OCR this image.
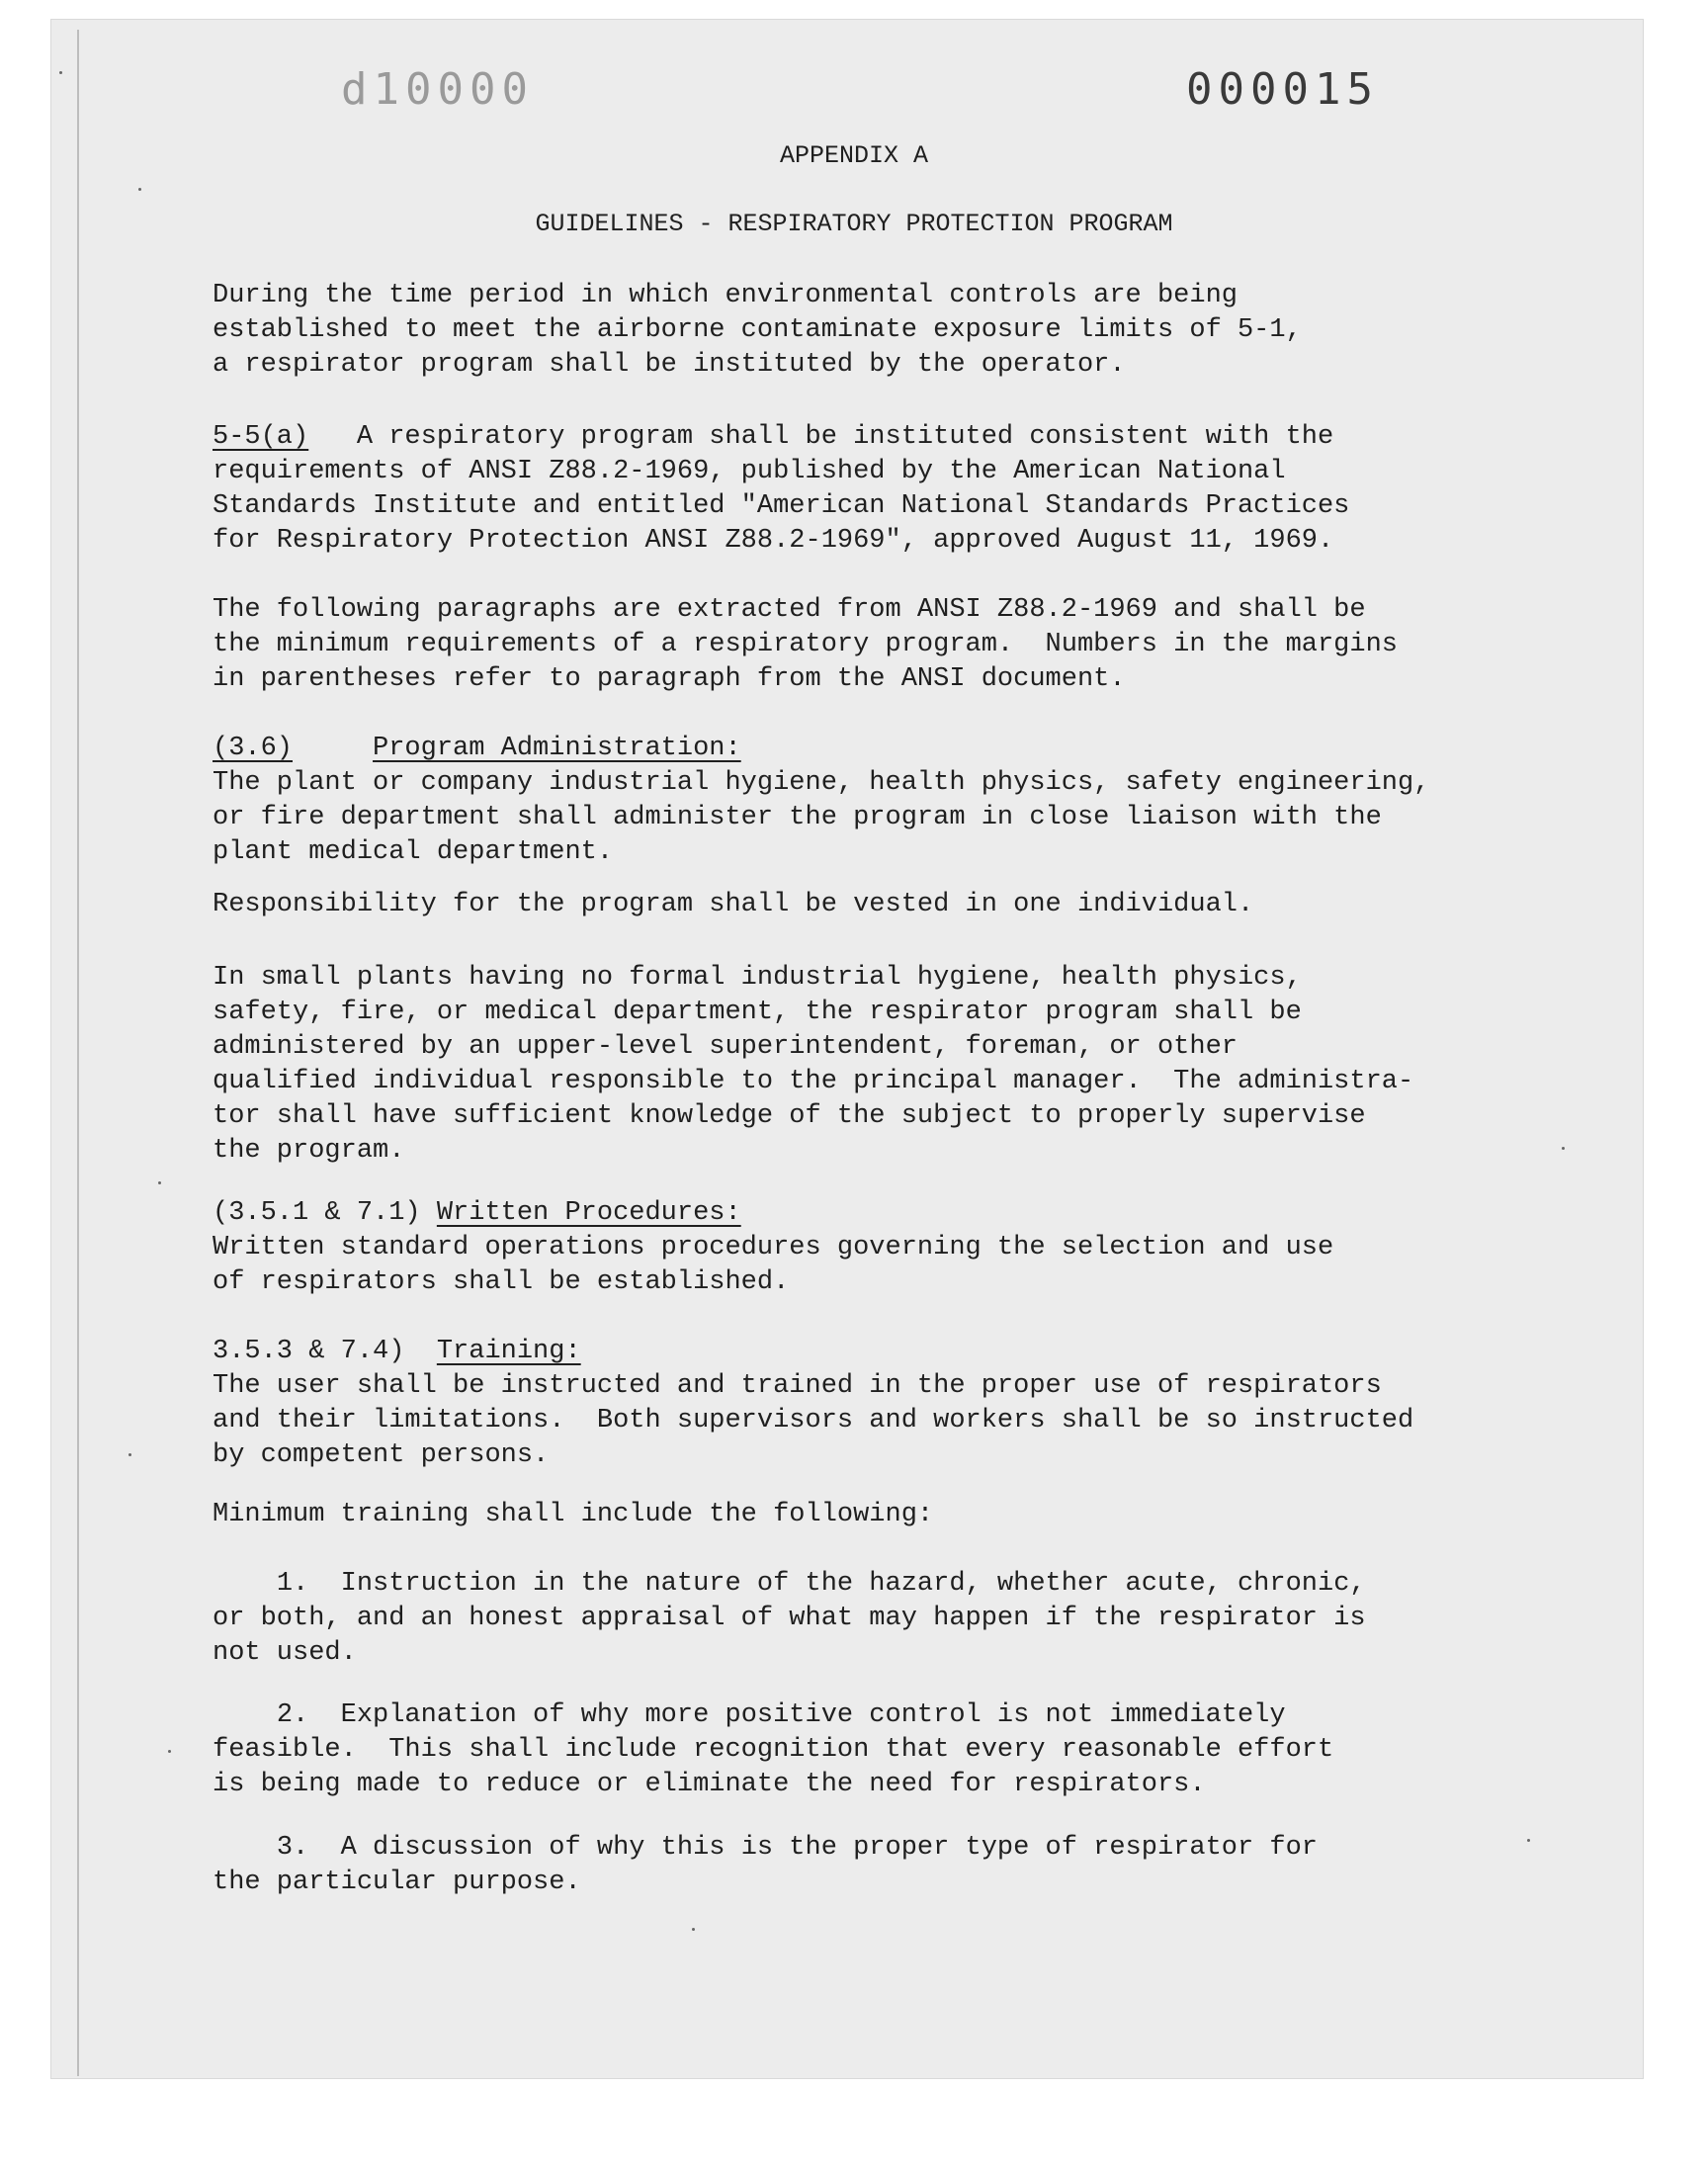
d10000	000015
APPENDIX A
GUIDELINES - RESPIRATORY PROTECTION PROGRAM
During the time period in which environmental controls are being
established to meet the airborne contaminate exposure limits of 5-1,
a respirator program shall be instituted by the operator.
5-5(a)   A respiratory program shall be instituted consistent with the
requirements of ANSI Z88.2-1969, published by the American National
Standards Institute and entitled "American National Standards Practices
for Respiratory Protection ANSI Z88.2-1969", approved August 11, 1969.
The following paragraphs are extracted from ANSI Z88.2-1969 and shall be
the minimum requirements of a respiratory program.  Numbers in the margins
in parentheses refer to paragraph from the ANSI document.
(3.6)	Program Administration:
The plant or company industrial hygiene, health physics, safety engineering,
or fire department shall administer the program in close liaison with the
plant medical department.
Responsibility for the program shall be vested in one individual.
In small plants having no formal industrial hygiene, health physics,
safety, fire, or medical department, the respirator program shall be
administered by an upper-level superintendent, foreman, or other
qualified individual responsible to the principal manager.  The administra-
tor shall have sufficient knowledge of the subject to properly supervise
the program.
(3.5.1 & 7.1) Written Procedures:
Written standard operations procedures governing the selection and use
of respirators shall be established.
3.5.3 & 7.4) Training:
The user shall be instructed and trained in the proper use of respirators
and their limitations.  Both supervisors and workers shall be so instructed
by competent persons.
Minimum training shall include the following:
1. Instruction in the nature of the hazard, whether acute, chronic,
or both, and an honest appraisal of what may happen if the respirator is
not used.
2. Explanation of why more positive control is not immediately
feasible.  This shall include recognition that every reasonable effort
is being made to reduce or eliminate the need for respirators.
3. A discussion of why this is the proper type of respirator for
the particular purpose.
